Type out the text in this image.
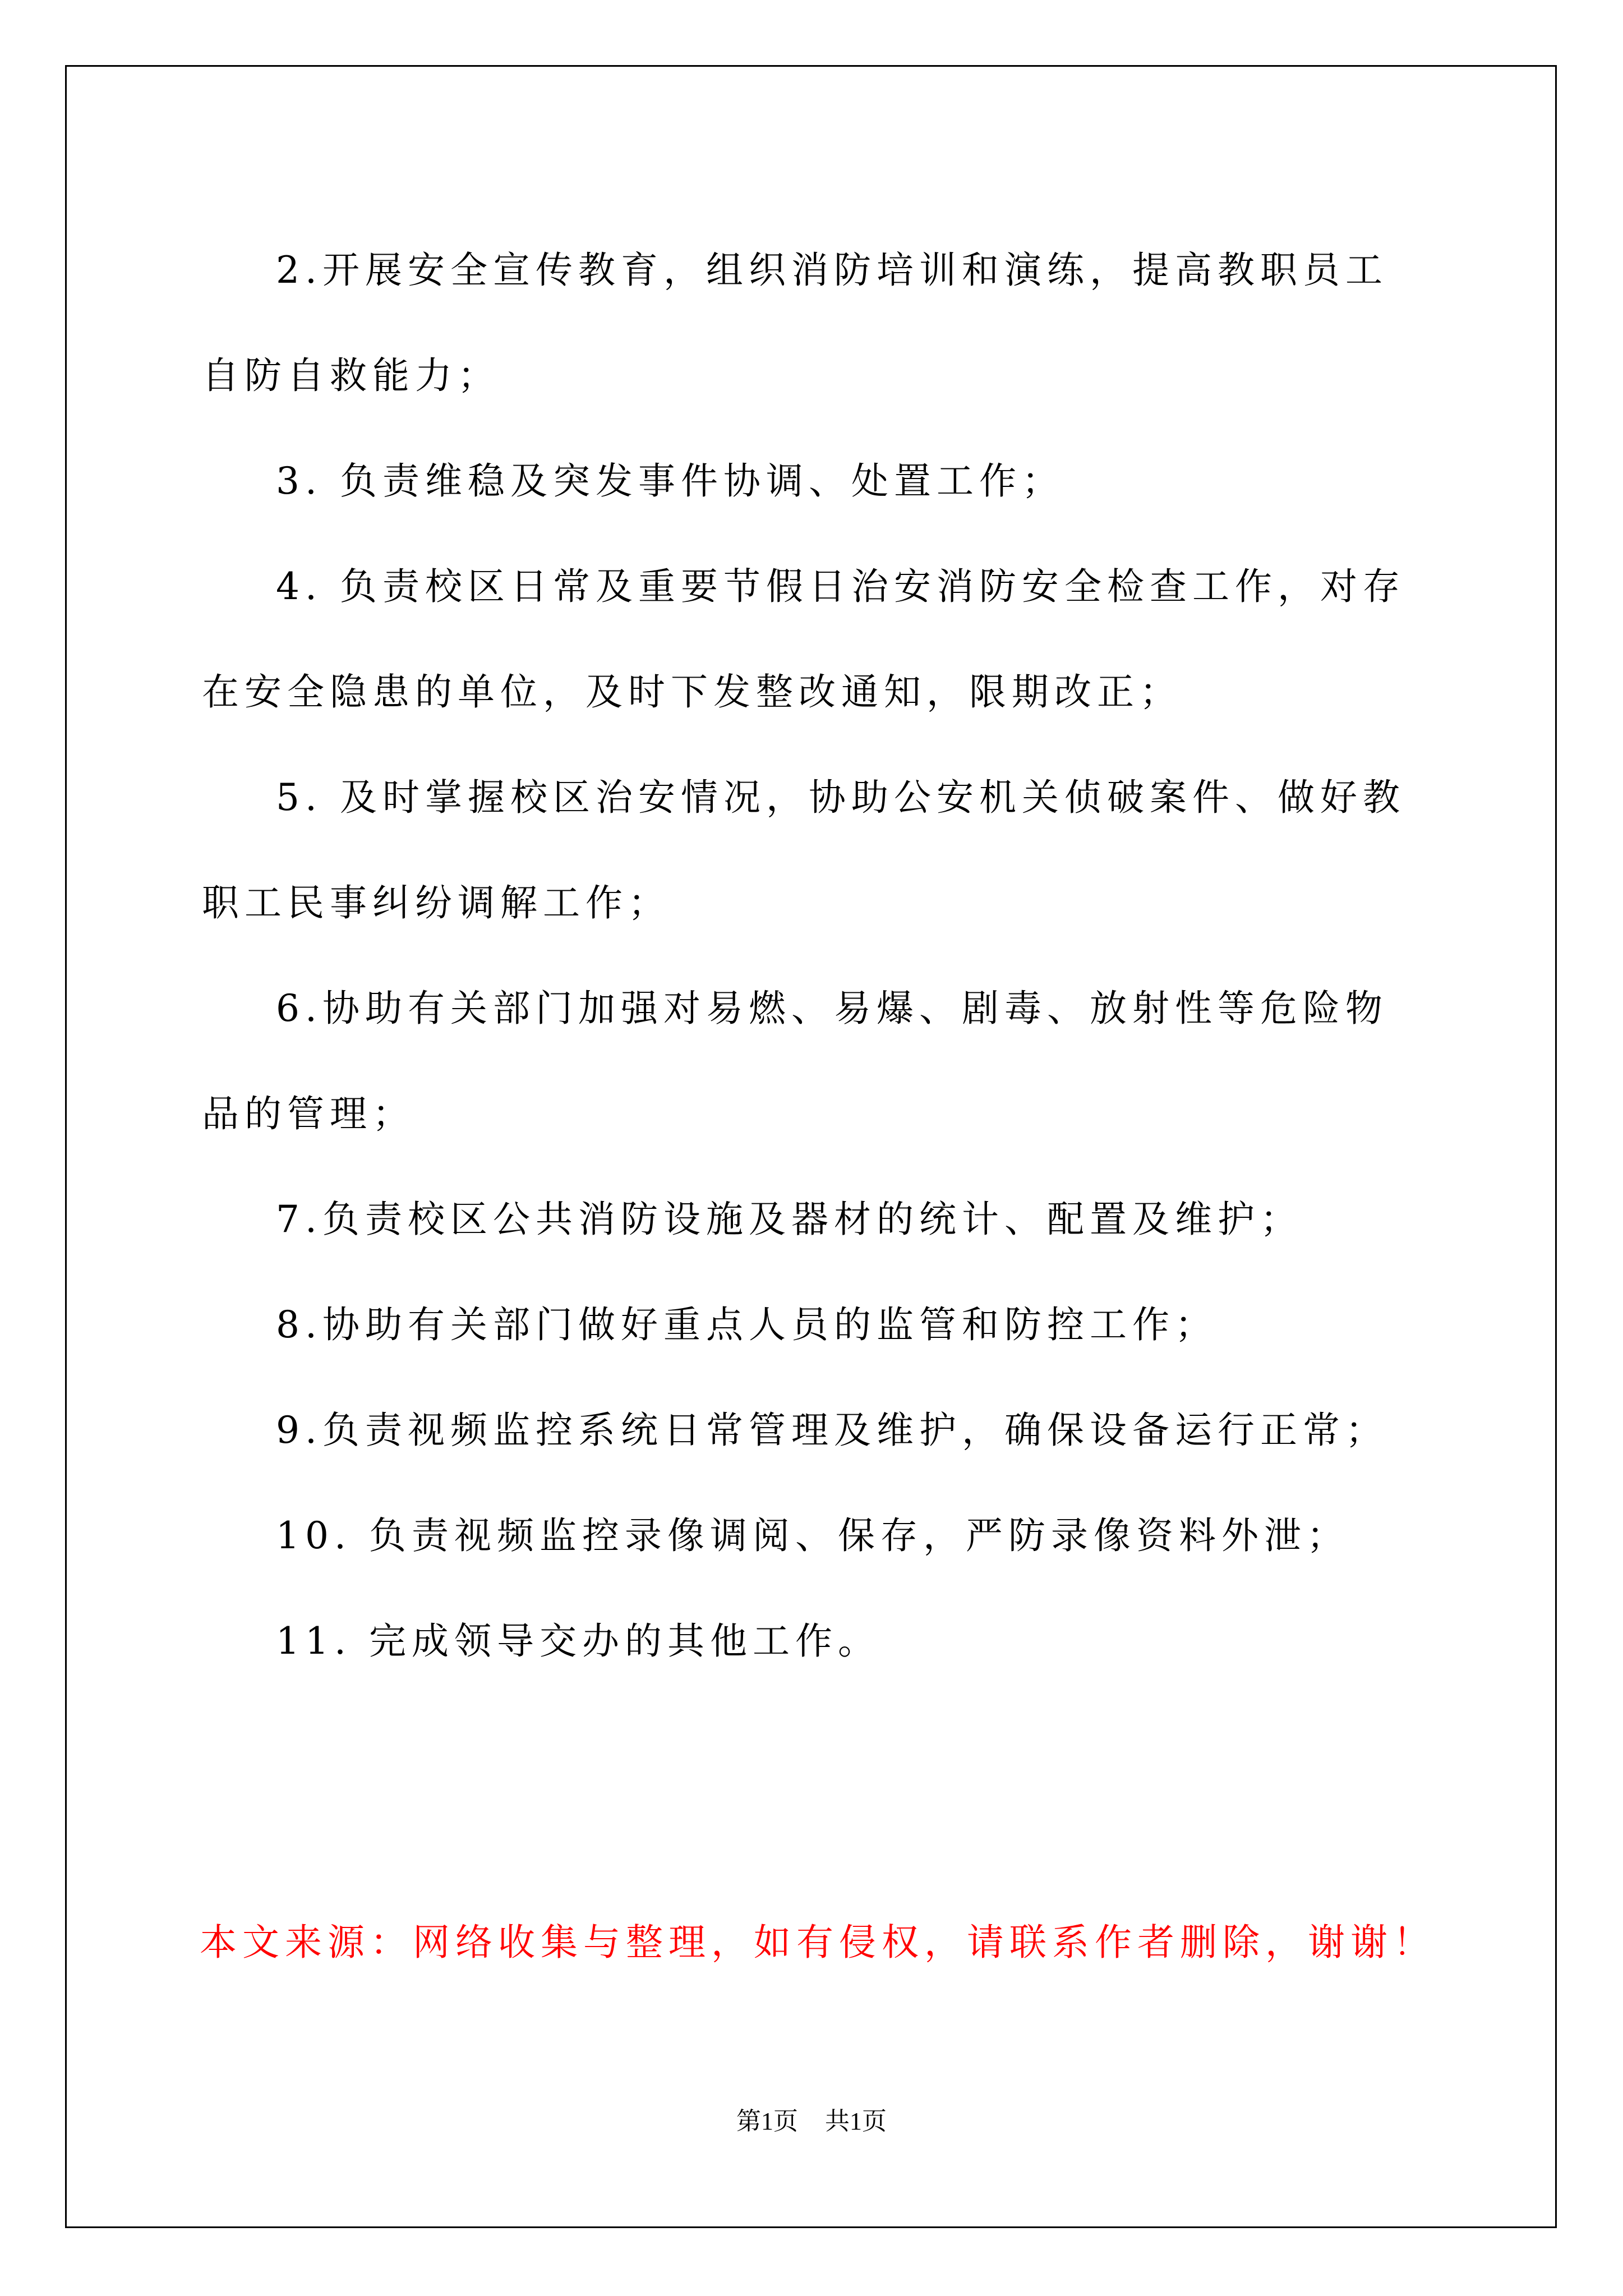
2.开展安全宣传教育，组织消防培训和演练，提高教职员工自防自救能力；

3. 负责维稳及突发事件协调、处置工作；

4. 负责校区日常及重要节假日治安消防安全检查工作，对存在安全隐患的单位，及时下发整改通知，限期改正；

5. 及时掌握校区治安情况，协助公安机关侦破案件、做好教职工民事纠纷调解工作；

6.协助有关部门加强对易燃、易爆、剧毒、放射性等危险物品的管理；

7.负责校区公共消防设施及器材的统计、配置及维护；

8.协助有关部门做好重点人员的监管和防控工作；

9.负责视频监控系统日常管理及维护，确保设备运行正常；

10. 负责视频监控录像调阅、保存，严防录像资料外泄；

11. 完成领导交办的其他工作。

本文来源：网络收集与整理，如有侵权，请联系作者删除，谢谢！
第1页 共1页
